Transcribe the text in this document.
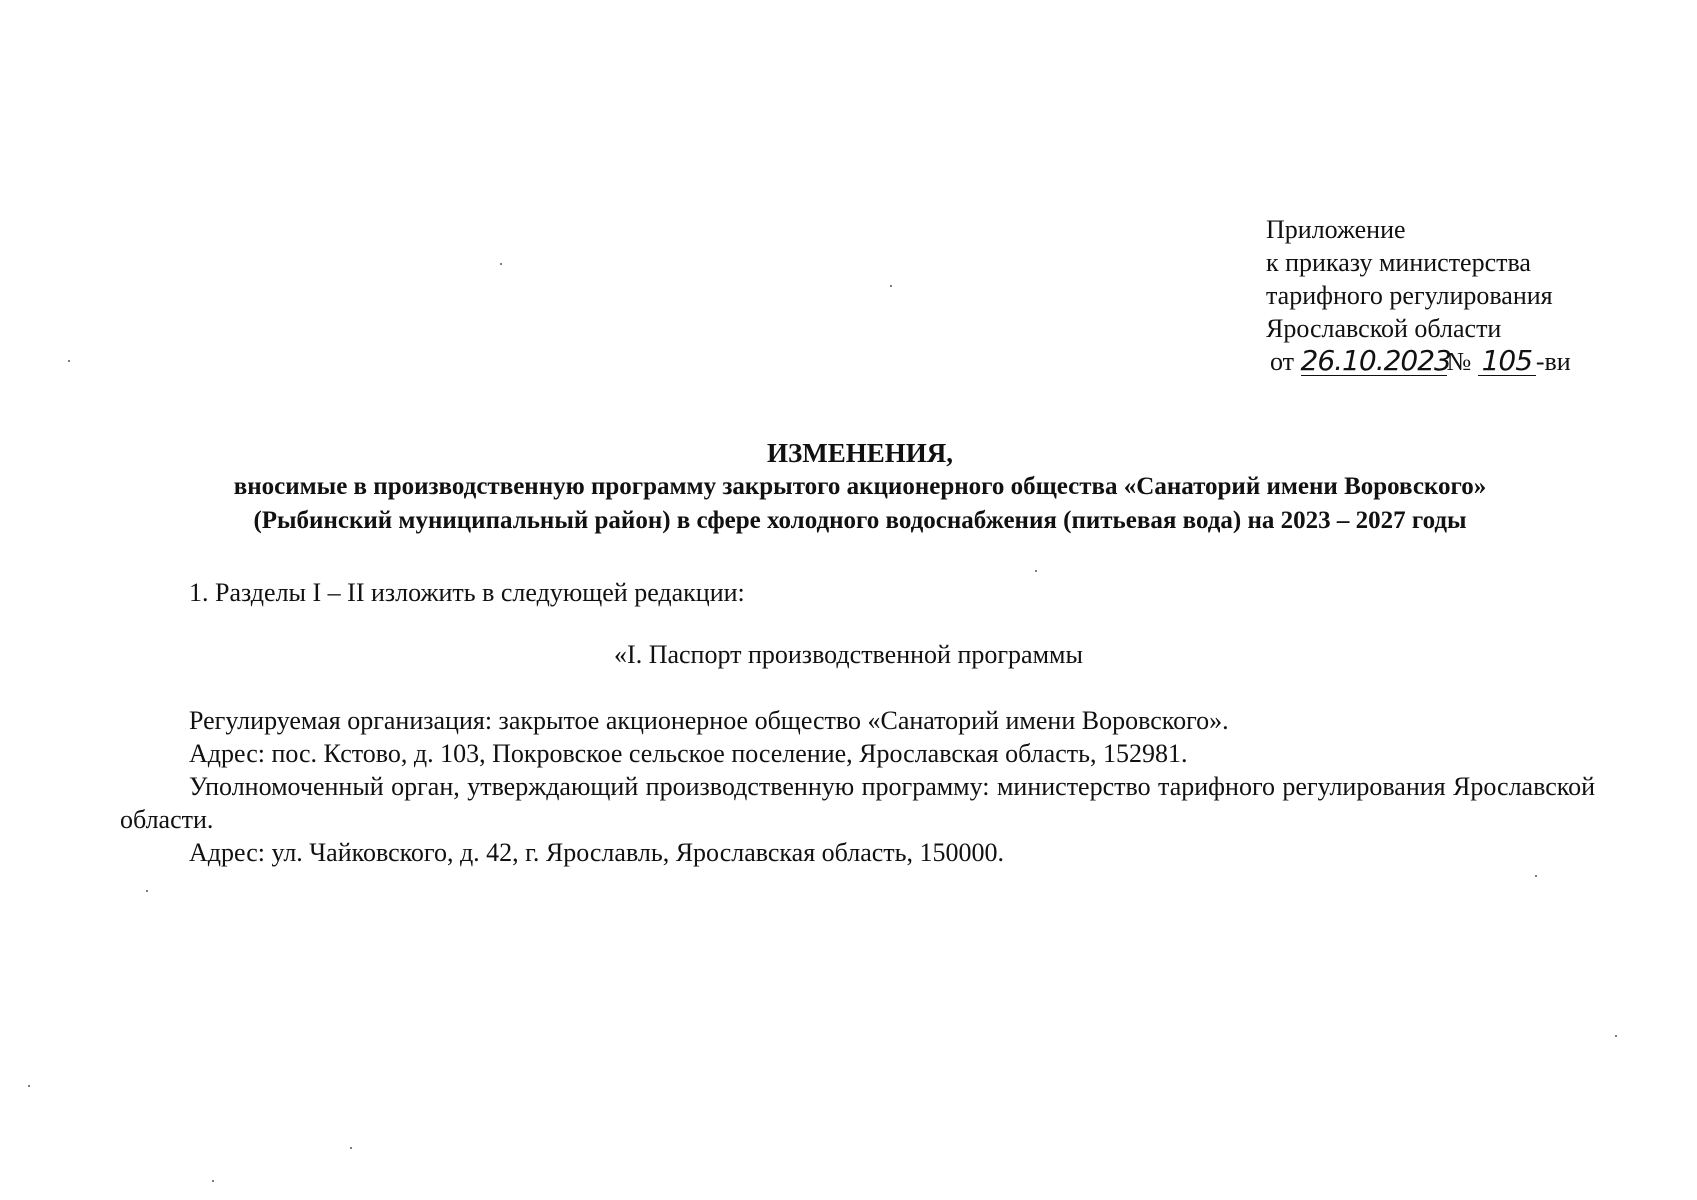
Приложение
к приказу министерства
тарифного регулирования
Ярославской области
от 26.10.2023№ 105 -ви
ИЗМЕНЕНИЯ,
вносимые в производственную программу закрытого акционерного общества «Санаторий имени Воровского»
(Рыбинский муниципальный район) в сфере холодного водоснабжения (питьевая вода) на 2023 – 2027 годы
1. Разделы I – II изложить в следующей редакции:
«I. Паспорт производственной программы

Регулируемая организация: закрытое акционерное общество «Санаторий имени Воровского».

Адрес: пос. Кстово, д. 103, Покровское сельское поселение, Ярославская область, 152981.

Уполномоченный орган, утверждающий производственную программу: министерство тарифного регулирования Ярославской области.

Адрес: ул. Чайковского, д. 42, г. Ярославль, Ярославская область, 150000.
